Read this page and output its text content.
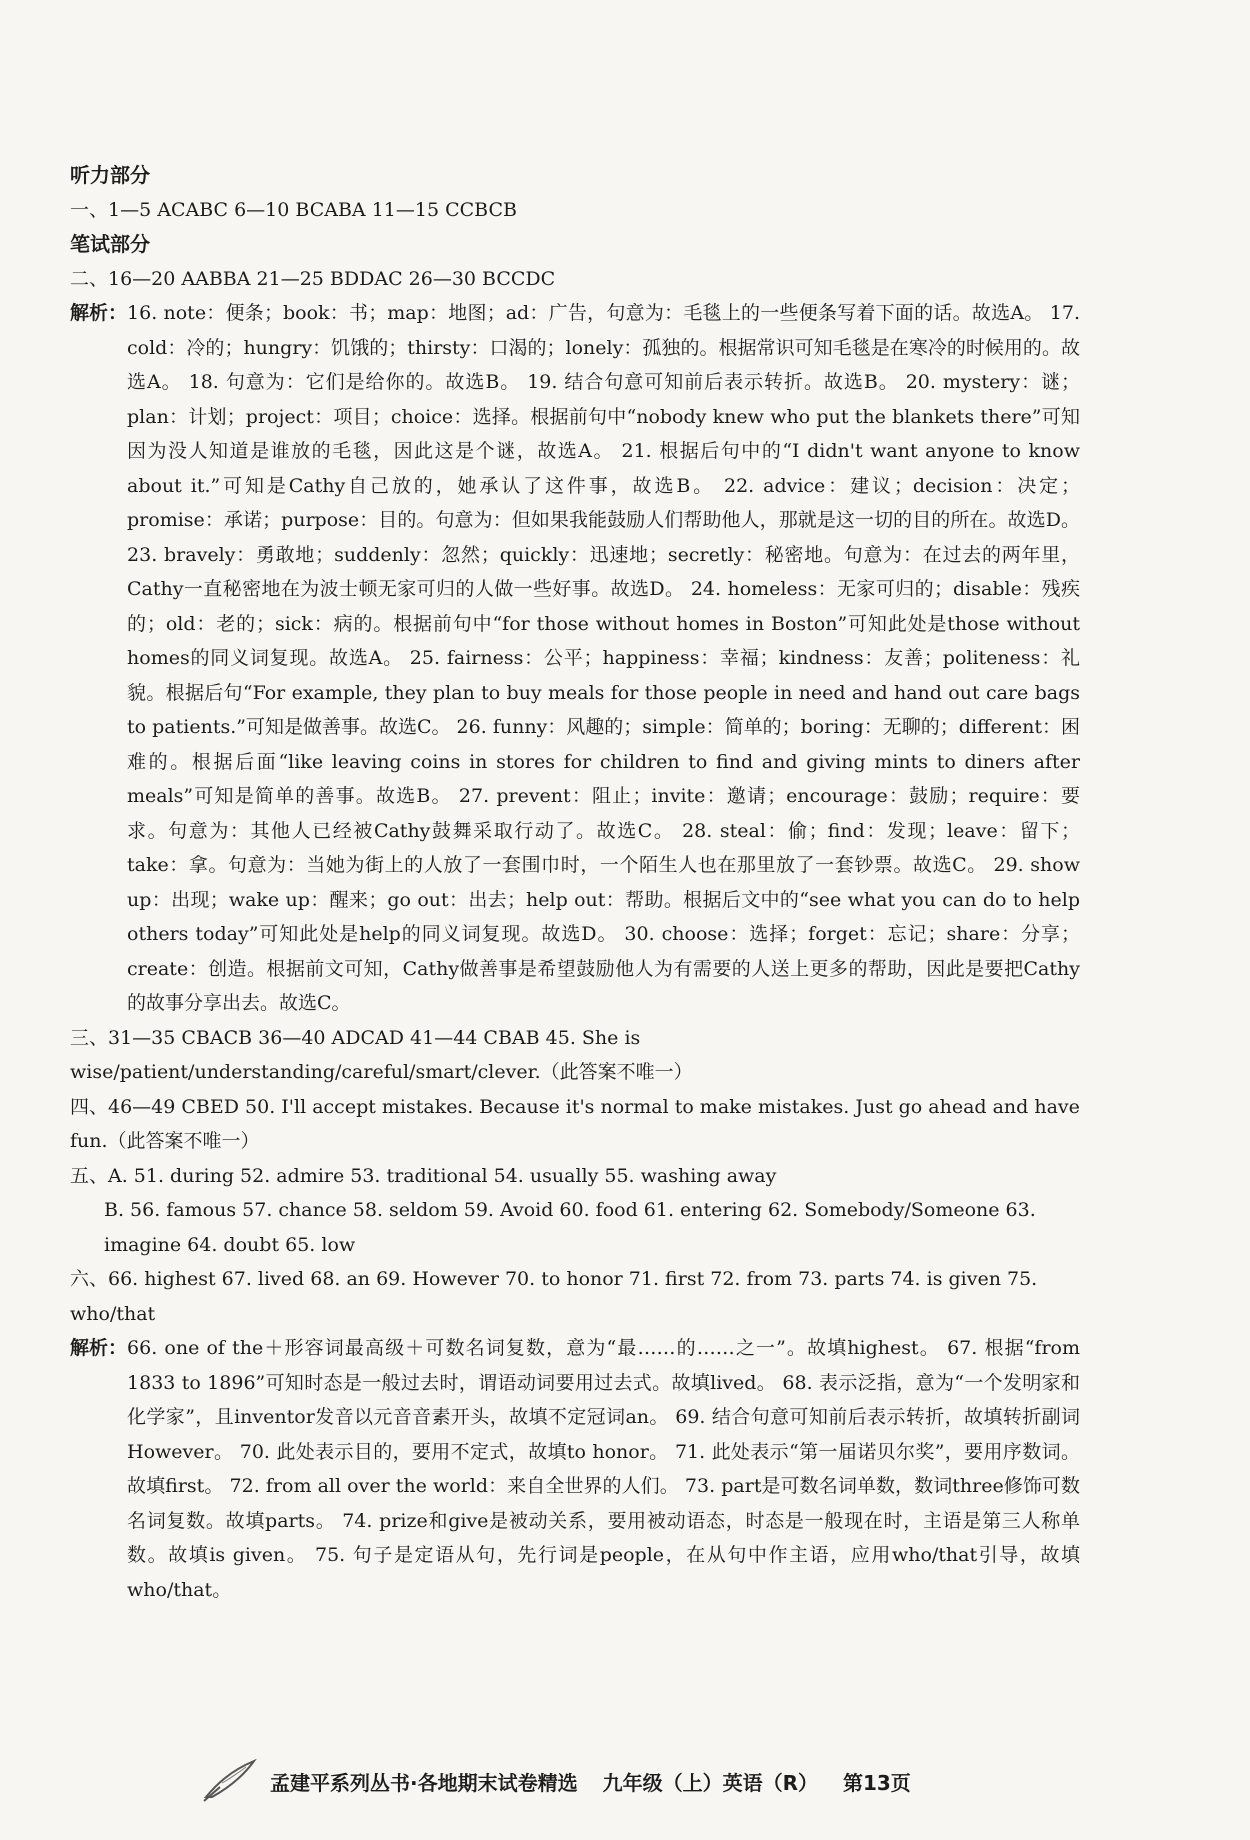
听力部分
一、1—5 ACABC 6—10 BCABA 11—15 CCBCB
笔试部分
二、16—20 AABBA 21—25 BDDAC 26—30 BCCDC
解析： 16. note：便条；book：书；map：地图；ad：广告，句意为：毛毯上的一些便条写着下面的话。故选A。 17. cold：冷的；hungry：饥饿的；thirsty：口渴的；lonely：孤独的。根据常识可知毛毯是在寒冷的时候用的。故选A。 18. 句意为：它们是给你的。故选B。 19. 结合句意可知前后表示转折。故选B。 20. mystery：谜；plan：计划；project：项目；choice：选择。根据前句中“nobody knew who put the blankets there”可知因为没人知道是谁放的毛毯，因此这是个谜，故选A。 21. 根据后句中的“I didn't want anyone to know about it.”可知是Cathy自己放的，她承认了这件事，故选B。 22. advice：建议；decision：决定；promise：承诺；purpose：目的。句意为：但如果我能鼓励人们帮助他人，那就是这一切的目的所在。故选D。 23. bravely：勇敢地；suddenly：忽然；quickly：迅速地；secretly：秘密地。句意为：在过去的两年里，Cathy一直秘密地在为波士顿无家可归的人做一些好事。故选D。 24. homeless：无家可归的；disable：残疾的；old：老的；sick：病的。根据前句中“for those without homes in Boston”可知此处是those without homes的同义词复现。故选A。 25. fairness：公平；happiness：幸福；kindness：友善；politeness：礼貌。根据后句“For example, they plan to buy meals for those people in need and hand out care bags to patients.”可知是做善事。故选C。 26. funny：风趣的；simple：简单的；boring：无聊的；different：困难的。根据后面“like leaving coins in stores for children to find and giving mints to diners after meals”可知是简单的善事。故选B。 27. prevent：阻止；invite：邀请；encourage：鼓励；require：要求。句意为：其他人已经被Cathy鼓舞采取行动了。故选C。 28. steal：偷；find：发现；leave：留下；take：拿。句意为：当她为街上的人放了一套围巾时，一个陌生人也在那里放了一套钞票。故选C。 29. show up：出现；wake up：醒来；go out：出去；help out：帮助。根据后文中的“see what you can do to help others today”可知此处是help的同义词复现。故选D。 30. choose：选择；forget：忘记；share：分享；create：创造。根据前文可知，Cathy做善事是希望鼓励他人为有需要的人送上更多的帮助，因此是要把Cathy的故事分享出去。故选C。
三、31—35 CBACB 36—40 ADCAD 41—44 CBAB 45. She is wise/patient/understanding/careful/smart/clever.（此答案不唯一）
四、46—49 CBED 50. I'll accept mistakes. Because it's normal to make mistakes. Just go ahead and have fun.（此答案不唯一）
五、A. 51. during 52. admire 53. traditional 54. usually 55. washing away
B. 56. famous 57. chance 58. seldom 59. Avoid 60. food 61. entering 62. Somebody/Someone 63. imagine 64. doubt 65. low
六、66. highest 67. lived 68. an 69. However 70. to honor 71. first 72. from 73. parts 74. is given 75. who/that
解析： 66. one of the＋形容词最高级＋可数名词复数，意为“最……的……之一”。故填highest。 67. 根据“from 1833 to 1896”可知时态是一般过去时，谓语动词要用过去式。故填lived。 68. 表示泛指，意为“一个发明家和化学家”，且inventor发音以元音音素开头，故填不定冠词an。 69. 结合句意可知前后表示转折，故填转折副词However。 70. 此处表示目的，要用不定式，故填to honor。 71. 此处表示“第一届诺贝尔奖”，要用序数词。故填first。 72. from all over the world：来自全世界的人们。 73. part是可数名词单数，数词three修饰可数名词复数。故填parts。 74. prize和give是被动关系，要用被动语态，时态是一般现在时，主语是第三人称单数。故填is given。 75. 句子是定语从句，先行词是people，在从句中作主语，应用who/that引导，故填who/that。
孟建平系列丛书·各地期末试卷精选 九年级（上）英语（R） 第13页
